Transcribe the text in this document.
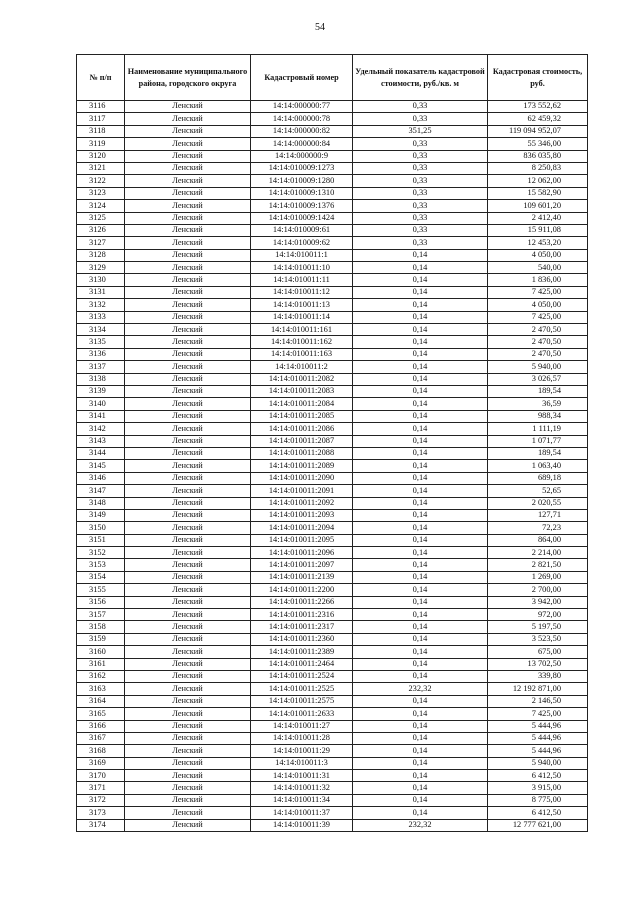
54
№ п/п	Наименование муниципального района, городского округа	Кадастровый номер	Удельный показатель кадастровой стоимости, руб./кв. м	Кадастровая стоимость, руб.
3116	Ленский	14:14:000000:77	0,33	173 552,62
3117	Ленский	14:14:000000:78	0,33	62 459,32
3118	Ленский	14:14:000000:82	351,25	119 094 952,07
3119	Ленский	14:14:000000:84	0,33	55 346,00
3120	Ленский	14:14:000000:9	0,33	836 035,80
3121	Ленский	14:14:010009:1273	0,33	8 250,83
3122	Ленский	14:14:010009:1280	0,33	12 062,00
3123	Ленский	14:14:010009:1310	0,33	15 582,90
3124	Ленский	14:14:010009:1376	0,33	109 601,20
3125	Ленский	14:14:010009:1424	0,33	2 412,40
3126	Ленский	14:14:010009:61	0,33	15 911,08
3127	Ленский	14:14:010009:62	0,33	12 453,20
3128	Ленский	14:14:010011:1	0,14	4 050,00
3129	Ленский	14:14:010011:10	0,14	540,00
3130	Ленский	14:14:010011:11	0,14	1 836,00
3131	Ленский	14:14:010011:12	0,14	7 425,00
3132	Ленский	14:14:010011:13	0,14	4 050,00
3133	Ленский	14:14:010011:14	0,14	7 425,00
3134	Ленский	14:14:010011:161	0,14	2 470,50
3135	Ленский	14:14:010011:162	0,14	2 470,50
3136	Ленский	14:14:010011:163	0,14	2 470,50
3137	Ленский	14:14:010011:2	0,14	5 940,00
3138	Ленский	14:14:010011:2082	0,14	3 026,57
3139	Ленский	14:14:010011:2083	0,14	189,54
3140	Ленский	14:14:010011:2084	0,14	36,59
3141	Ленский	14:14:010011:2085	0,14	988,34
3142	Ленский	14:14:010011:2086	0,14	1 111,19
3143	Ленский	14:14:010011:2087	0,14	1 071,77
3144	Ленский	14:14:010011:2088	0,14	189,54
3145	Ленский	14:14:010011:2089	0,14	1 063,40
3146	Ленский	14:14:010011:2090	0,14	689,18
3147	Ленский	14:14:010011:2091	0,14	52,65
3148	Ленский	14:14:010011:2092	0,14	2 020,55
3149	Ленский	14:14:010011:2093	0,14	127,71
3150	Ленский	14:14:010011:2094	0,14	72,23
3151	Ленский	14:14:010011:2095	0,14	864,00
3152	Ленский	14:14:010011:2096	0,14	2 214,00
3153	Ленский	14:14:010011:2097	0,14	2 821,50
3154	Ленский	14:14:010011:2139	0,14	1 269,00
3155	Ленский	14:14:010011:2200	0,14	2 700,00
3156	Ленский	14:14:010011:2266	0,14	3 942,00
3157	Ленский	14:14:010011:2316	0,14	972,00
3158	Ленский	14:14:010011:2317	0,14	5 197,50
3159	Ленский	14:14:010011:2360	0,14	3 523,50
3160	Ленский	14:14:010011:2389	0,14	675,00
3161	Ленский	14:14:010011:2464	0,14	13 702,50
3162	Ленский	14:14:010011:2524	0,14	339,80
3163	Ленский	14:14:010011:2525	232,32	12 192 871,00
3164	Ленский	14:14:010011:2575	0,14	2 146,50
3165	Ленский	14:14:010011:2633	0,14	7 425,00
3166	Ленский	14:14:010011:27	0,14	5 444,96
3167	Ленский	14:14:010011:28	0,14	5 444,96
3168	Ленский	14:14:010011:29	0,14	5 444,96
3169	Ленский	14:14:010011:3	0,14	5 940,00
3170	Ленский	14:14:010011:31	0,14	6 412,50
3171	Ленский	14:14:010011:32	0,14	3 915,00
3172	Ленский	14:14:010011:34	0,14	8 775,00
3173	Ленский	14:14:010011:37	0,14	6 412,50
3174	Ленский	14:14:010011:39	232,32	12 777 621,00
